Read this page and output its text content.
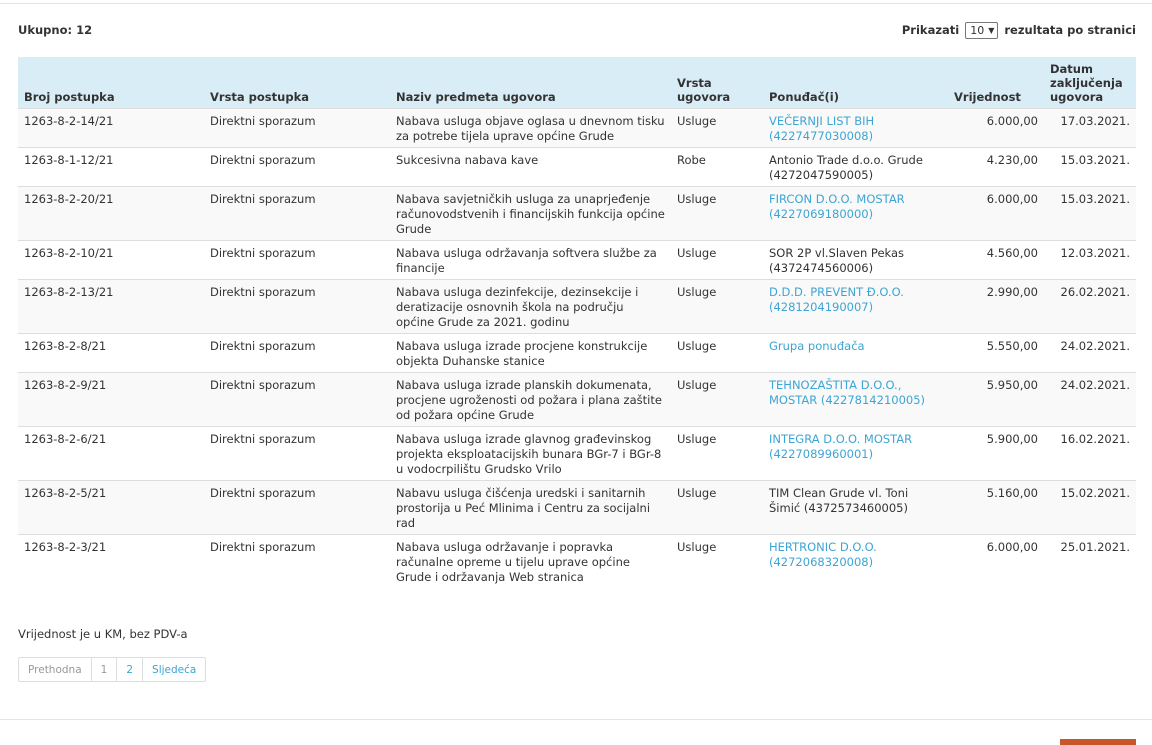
Ukupno: 12	Prikazati 10 ▼ rezultata po stranici
Broj postupka	Vrsta postupka	Naziv predmeta ugovora	Vrsta ugovora	Ponuđač(i)	Vrijednost	Datum zaključenja ugovora
1263-8-2-14/21	Direktni sporazum	Nabava usluga objave oglasa u dnevnom tisku za potrebe tijela uprave općine Grude	Usluge	VEČERNJI LIST BIH (4227477030008)	6.000,00	17.03.2021.
1263-8-1-12/21	Direktni sporazum	Sukcesivna nabava kave	Robe	Antonio Trade d.o.o. Grude (4272047590005)	4.230,00	15.03.2021.
1263-8-2-20/21	Direktni sporazum	Nabava savjetničkih usluga za unaprjeđenje računovodstvenih i financijskih funkcija općine Grude	Usluge	FIRCON D.O.O. MOSTAR (4227069180000)	6.000,00	15.03.2021.
1263-8-2-10/21	Direktni sporazum	Nabava usluga održavanja softvera službe za financije	Usluge	SOR 2P vl.Slaven Pekas (4372474560006)	4.560,00	12.03.2021.
1263-8-2-13/21	Direktni sporazum	Nabava usluga dezinfekcije, dezinsekcije i deratizacije osnovnih škola na području općine Grude za 2021. godinu	Usluge	D.D.D. PREVENT Đ.O.O. (4281204190007)	2.990,00	26.02.2021.
1263-8-2-8/21	Direktni sporazum	Nabava usluga izrade procjene konstrukcije objekta Duhanske stanice	Usluge	Grupa ponuđača	5.550,00	24.02.2021.
1263-8-2-9/21	Direktni sporazum	Nabava usluga izrade planskih dokumenata, procjene ugroženosti od požara i plana zaštite od požara općine Grude	Usluge	TEHNOZAŠTITA D.O.O., MOSTAR (4227814210005)	5.950,00	24.02.2021.
1263-8-2-6/21	Direktni sporazum	Nabava usluga izrade glavnog građevinskog projekta eksploatacijskih bunara BGr-7 i BGr-8 u vodocrpilištu Grudsko Vrilo	Usluge	INTEGRA D.O.O. MOSTAR (4227089960001)	5.900,00	16.02.2021.
1263-8-2-5/21	Direktni sporazum	Nabavu usluga čišćenja uredski i sanitarnih prostorija u Peć Mlinima i Centru za socijalni rad	Usluge	TIM Clean Grude vl. Toni Šimić (4372573460005)	5.160,00	15.02.2021.
1263-8-2-3/21	Direktni sporazum	Nabava usluga održavanje i popravka računalne opreme u tijelu uprave općine Grude i održavanja Web stranica	Usluge	HERTRONIC D.O.O. (4272068320008)	6.000,00	25.01.2021.
Vrijednost je u KM, bez PDV-a
Prethodna	1	2	Sljedeća
